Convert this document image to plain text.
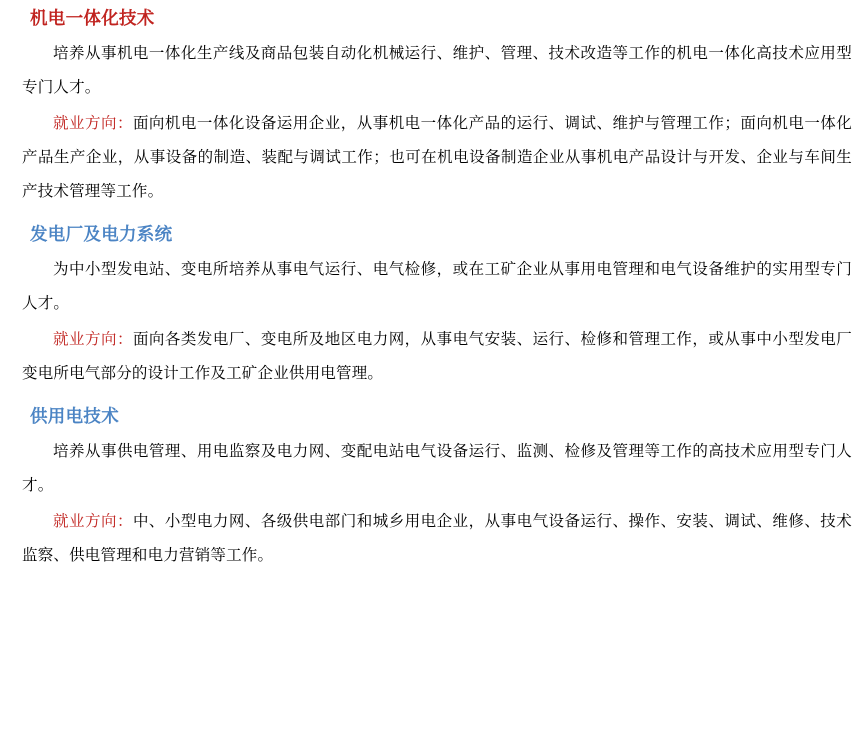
机电一体化技术

培养从事机电一体化生产线及商品包装自动化机械运行、维护、管理、技术改造等工作的机电一体化高技术应用型专门人才。

就业方向：面向机电一体化设备运用企业，从事机电一体化产品的运行、调试、维护与管理工作；面向机电一体化产品生产企业，从事设备的制造、装配与调试工作；也可在机电设备制造企业从事机电产品设计与开发、企业与车间生产技术管理等工作。

发电厂及电力系统

为中小型发电站、变电所培养从事电气运行、电气检修，或在工矿企业从事用电管理和电气设备维护的实用型专门人才。

就业方向：面向各类发电厂、变电所及地区电力网，从事电气安装、运行、检修和管理工作，或从事中小型发电厂变电所电气部分的设计工作及工矿企业供用电管理。

供用电技术

培养从事供电管理、用电监察及电力网、变配电站电气设备运行、监测、检修及管理等工作的高技术应用型专门人才。

就业方向：中、小型电力网、各级供电部门和城乡用电企业，从事电气设备运行、操作、安装、调试、维修、技术监察、供电管理和电力营销等工作。
